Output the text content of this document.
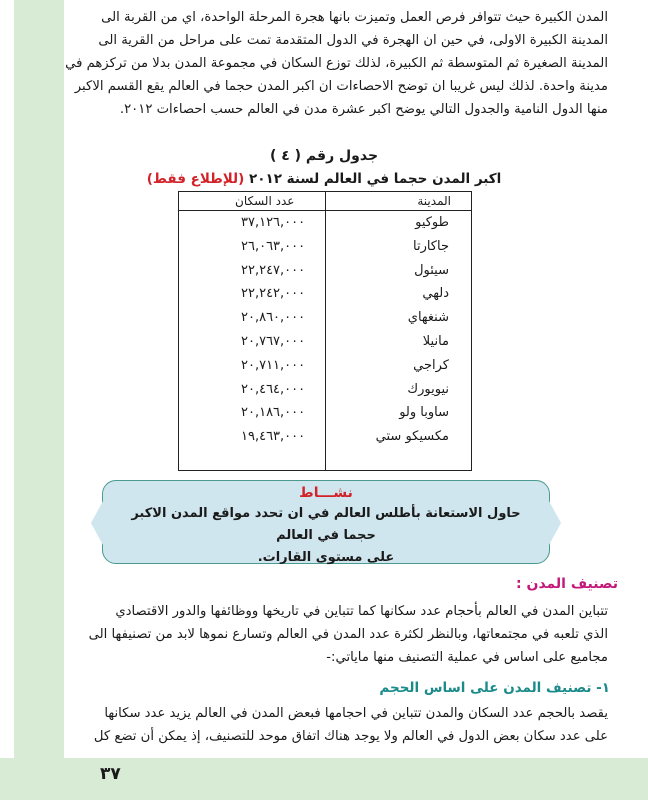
المدن الكبيرة حيث تتوافر فرص العمل وتميزت بانها هجرة المرحلة الواحدة، اي من القربة الى

المدينة الكبيرة الاولى، في حين ان الهجرة في الدول المتقدمة تمت على مراحل من القرية الى

المدينة الصغيرة ثم المتوسطة ثم الكبيرة، لذلك توزع السكان في مجموعة المدن بدلا من تركزهم في

مدينة واحدة. لذلك ليس غريبا ان توضح الاحصاءات ان اكبر المدن حجما في العالم يقع القسم الاكبر

منها الدول النامية والجدول التالي يوضح اكبر عشرة مدن في العالم حسب احصاءات ٢٠١٢.

جدول رقم ( ٤ )
اكبر المدن حجما في العالم لسنة ٢٠١٢ (للإطلاع فقط)
المدينة
عدد السكان
طوكيو
٣٧,١٢٦,٠٠٠
جاكارتا
٢٦,٠٦٣,٠٠٠
سيئول
٢٢,٢٤٧,٠٠٠
دلهي
٢٢,٢٤٢,٠٠٠
شنغهاي
٢٠,٨٦٠,٠٠٠
مانيلا
٢٠,٧٦٧,٠٠٠
كراجي
٢٠,٧١١,٠٠٠
نيويورك
٢٠,٤٦٤,٠٠٠
ساوبا ولو
٢٠,١٨٦,٠٠٠
مكسيكو ستي
١٩,٤٦٣,٠٠٠
نشـــاط
حاول الاستعانة بأطلس العالم في ان تحدد مواقع المدن الاكبر حجما في العالم
على مستوى القارات.
تصنيف المدن :
تتباين المدن في العالم بأحجام عدد سكانها كما تتباين في تاريخها ووظائفها والدور الاقتصادي
الذي تلعبه في مجتمعاتها، وبالنظر لكثرة عدد المدن في العالم وتسارع نموها لابد من تصنيفها الى
مجاميع على اساس في عملية التصنيف منها ماياتي:-
١- تصنيف المدن على اساس الحجم
يقصد بالحجم عدد السكان والمدن تتباين في احجامها فبعض المدن في العالم يزيد عدد سكانها
على عدد سكان بعض الدول في العالم ولا يوجد هناك اتفاق موحد للتصنيف، إذ يمكن أن تضع كل
٣٧
